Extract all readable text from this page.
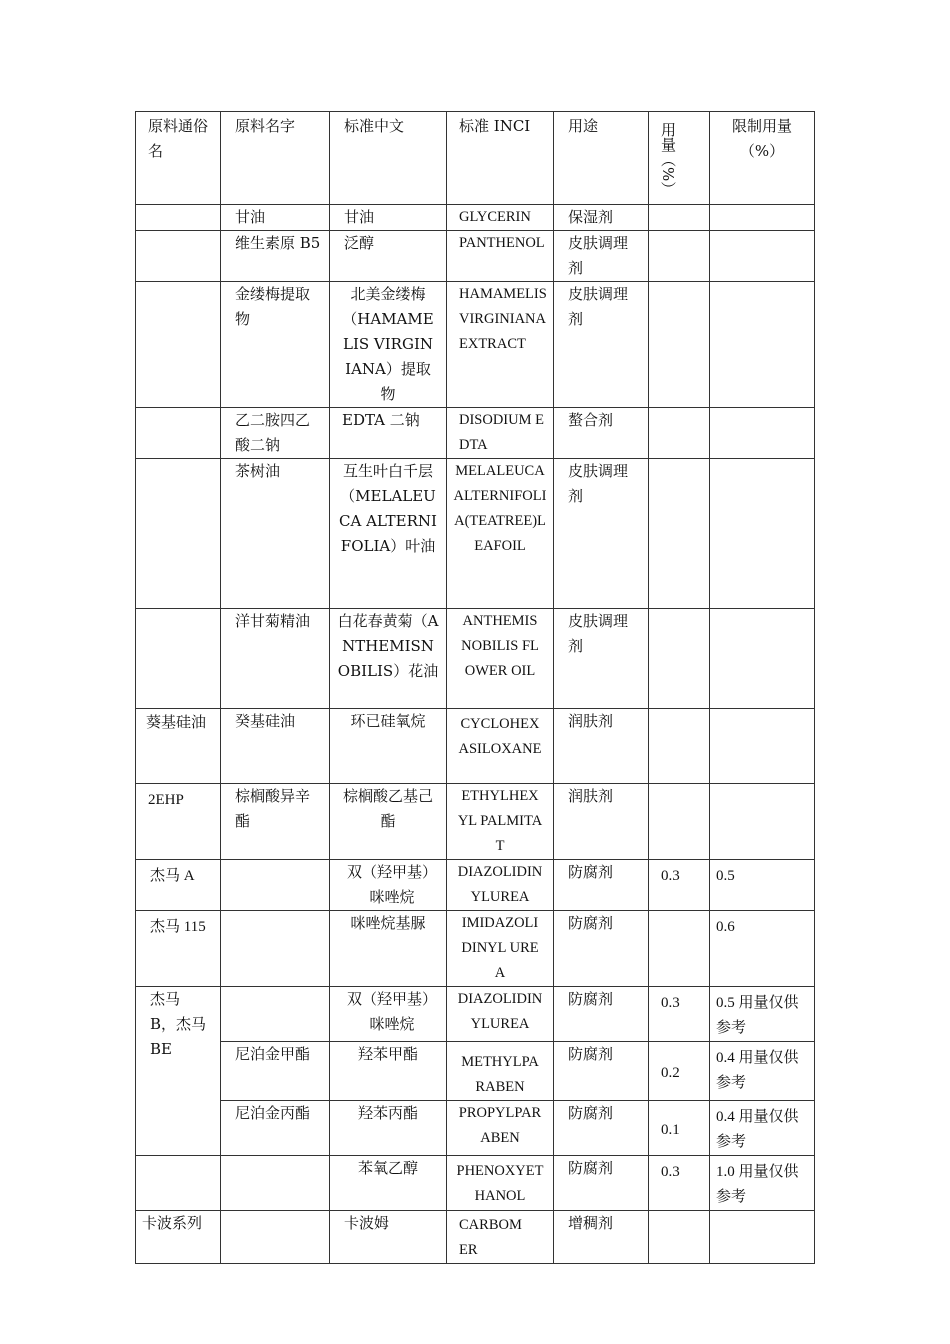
原料通俗名	原料名字	标准中文	标准 INCI	用途	用量（%）	限制用量（%）
	甘油	甘油	GLYCERIN	保湿剂		
	维生素原 B5	泛醇	PANTHENOL	皮肤调理剂		
	金缕梅提取物	北美金缕梅（HAMAMELIS VIRGINIANA）提取物	HAMAMELIS VIRGINIANA EXTRACT	皮肤调理剂		
	乙二胺四乙酸二钠	EDTA 二钠	DISODIUM EDTA	螯合剂		
	茶树油	互生叶白千层（MELALEUCA ALTERNIFOLIA）叶油	MELALEUCA ALTERNIFOLIA(TEATREE)LEAFOIL	皮肤调理剂		
	洋甘菊精油	白花春黄菊（ANTHEMISNOBILIS）花油	ANTHEMIS NOBILIS FLOWER OIL	皮肤调理剂		
葵基硅油	癸基硅油	环已硅氧烷	CYCLOHEXASILOXANE	润肤剂		
2EHP	棕榈酸异辛酯	棕榈酸乙基己酯	ETHYLHEXYL PALMITAT	润肤剂		
杰马 A		双（羟甲基）咪唑烷	DIAZOLIDINYLUREA	防腐剂	0.3	0.5
杰马 115		咪唑烷基脲	IMIDAZOLIDINYL UREA	防腐剂		0.6
杰马 B，杰马 BE		双（羟甲基）咪唑烷	DIAZOLIDINYLUREA	防腐剂	0.3	0.5 用量仅供参考
	尼泊金甲酯	羟苯甲酯	METHYLPARABEN	防腐剂	0.2	0.4 用量仅供参考
	尼泊金丙酯	羟苯丙酯	PROPYLPARABEN	防腐剂	0.1	0.4 用量仅供参考
		苯氧乙醇	PHENOXYETHANOL	防腐剂	0.3	1.0 用量仅供参考
卡波系列		卡波姆	CARBOMER	增稠剂		
